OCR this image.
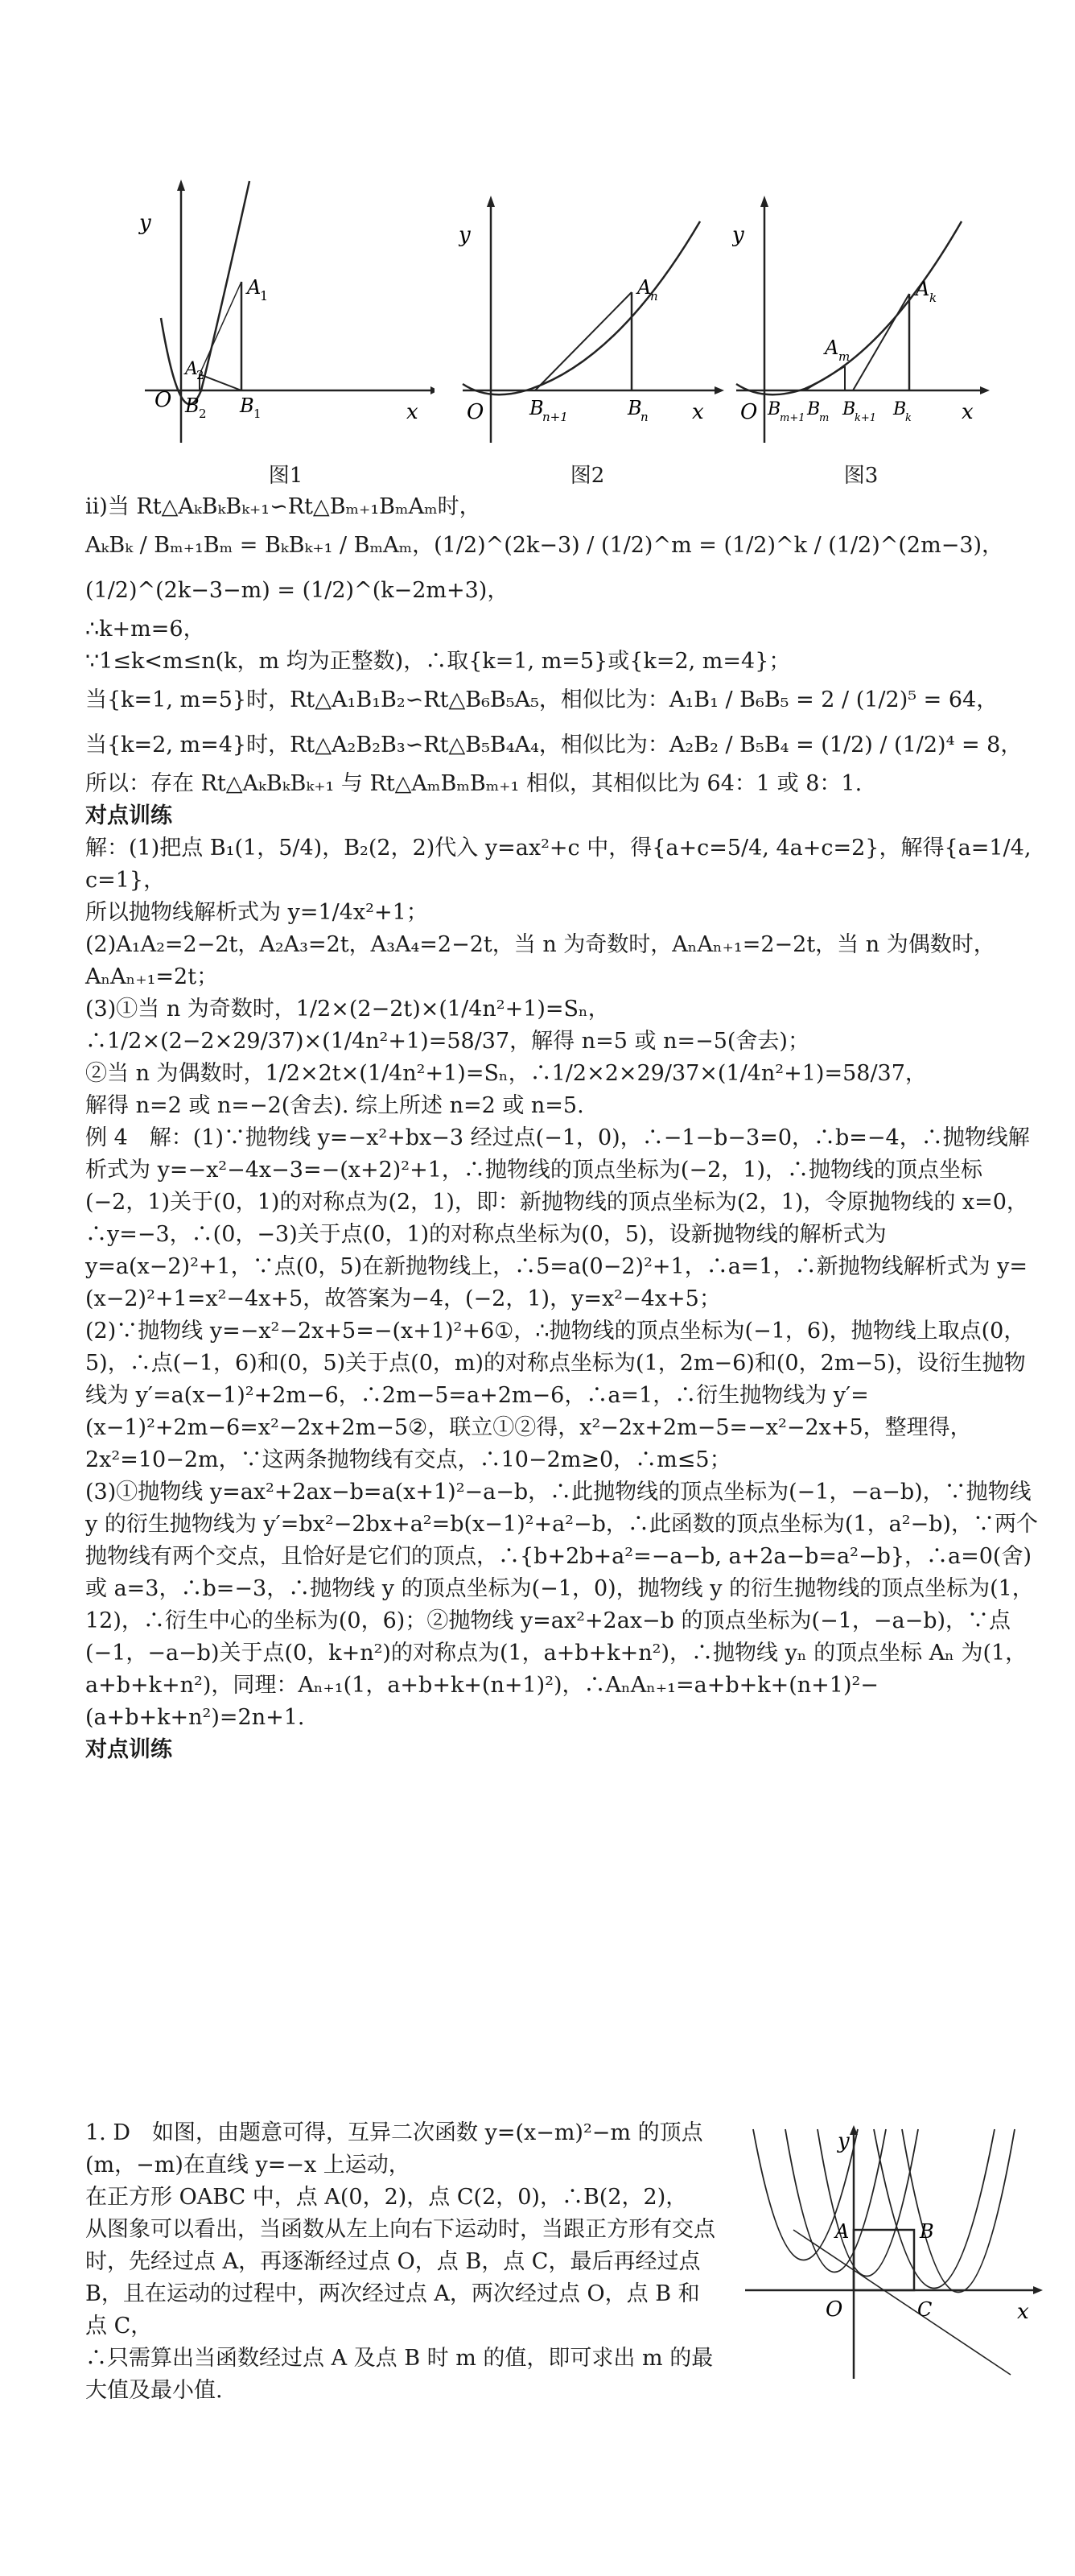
y
x
O
A
1
A
2
B 2 B 1
图1
y
x
O
A
n
B
n+1	B
n
图2
y
x
O
A k
A m
B
m+1 B
m B
k+1 B
k
图3

ii)当 Rt△AₖBₖBₖ₊₁∽Rt△Bₘ₊₁BₘAₘ时，

AₖBₖ / Bₘ₊₁Bₘ = BₖBₖ₊₁ / BₘAₘ，(1/2)^(2k−3) / (1/2)^m = (1/2)^k / (1/2)^(2m−3)，(1/2)^(2k−3−m) = (1/2)^(k−2m+3)，

∴k+m=6，

∵1≤k<m≤n(k，m 均为正整数)，∴取{k=1, m=5}或{k=2, m=4}；

当{k=1, m=5}时，Rt△A₁B₁B₂∽Rt△B₆B₅A₅，相似比为：A₁B₁ / B₆B₅ = 2 / (1/2)⁵ = 64，

当{k=2, m=4}时，Rt△A₂B₂B₃∽Rt△B₅B₄A₄，相似比为：A₂B₂ / B₅B₄ = (1/2) / (1/2)⁴ = 8，

所以：存在 Rt△AₖBₖBₖ₊₁ 与 Rt△AₘBₘBₘ₊₁ 相似，其相似比为 64：1 或 8：1.

对点训练

解：(1)把点 B₁(1，5/4)，B₂(2，2)代入 y=ax²+c 中，得{a+c=5/4, 4a+c=2}，解得{a=1/4, c=1}，

所以抛物线解析式为 y=1/4x²+1；

(2)A₁A₂=2−2t，A₂A₃=2t，A₃A₄=2−2t，当 n 为奇数时，AₙAₙ₊₁=2−2t，当 n 为偶数时，AₙAₙ₊₁=2t；

(3)①当 n 为奇数时，1/2×(2−2t)×(1/4n²+1)=Sₙ，∴1/2×(2−2×29/37)×(1/4n²+1)=58/37，解得 n=5 或 n=−5(舍去)；

②当 n 为偶数时，1/2×2t×(1/4n²+1)=Sₙ，∴1/2×2×29/37×(1/4n²+1)=58/37，

解得 n=2 或 n=−2(舍去). 综上所述 n=2 或 n=5.

例 4　解：(1)∵抛物线 y=−x²+bx−3 经过点(−1，0)，∴−1−b−3=0，∴b=−4，∴抛物线解析式为 y=−x²−4x−3=−(x+2)²+1，∴抛物线的顶点坐标为(−2，1)，∴抛物线的顶点坐标(−2，1)关于(0，1)的对称点为(2，1)，即：新抛物线的顶点坐标为(2，1)，令原抛物线的 x=0，∴y=−3，∴(0，−3)关于点(0，1)的对称点坐标为(0，5)，设新抛物线的解析式为 y=a(x−2)²+1，∵点(0，5)在新抛物线上，∴5=a(0−2)²+1，∴a=1，∴新抛物线解析式为 y=(x−2)²+1=x²−4x+5，故答案为−4，(−2，1)，y=x²−4x+5；

(2)∵抛物线 y=−x²−2x+5=−(x+1)²+6①，∴抛物线的顶点坐标为(−1，6)，抛物线上取点(0，5)，∴点(−1，6)和(0，5)关于点(0，m)的对称点坐标为(1，2m−6)和(0，2m−5)，设衍生抛物线为 y′=a(x−1)²+2m−6，∴2m−5=a+2m−6，∴a=1，∴衍生抛物线为 y′=(x−1)²+2m−6=x²−2x+2m−5②，联立①②得，x²−2x+2m−5=−x²−2x+5，整理得，2x²=10−2m，∵这两条抛物线有交点，∴10−2m≥0，∴m≤5；

(3)①抛物线 y=ax²+2ax−b=a(x+1)²−a−b，∴此抛物线的顶点坐标为(−1，−a−b)，∵抛物线 y 的衍生抛物线为 y′=bx²−2bx+a²=b(x−1)²+a²−b，∴此函数的顶点坐标为(1，a²−b)，∵两个抛物线有两个交点，且恰好是它们的顶点，∴{b+2b+a²=−a−b, a+2a−b=a²−b}，∴a=0(舍)或 a=3，∴b=−3，∴抛物线 y 的顶点坐标为(−1，0)，抛物线 y 的衍生抛物线的顶点坐标为(1，12)，∴衍生中心的坐标为(0，6)；②抛物线 y=ax²+2ax−b 的顶点坐标为(−1，−a−b)，∵点(−1，−a−b)关于点(0，k+n²)的对称点为(1，a+b+k+n²)，∴抛物线 yₙ 的顶点坐标 Aₙ 为(1，a+b+k+n²)，同理：Aₙ₊₁(1，a+b+k+(n+1)²)，∴AₙAₙ₊₁=a+b+k+(n+1)²−(a+b+k+n²)=2n+1.

对点训练

1. D　如图，由题意可得，互异二次函数 y=(x−m)²−m 的顶点(m，−m)在直线 y=−x 上运动，

在正方形 OABC 中，点 A(0，2)，点 C(2，0)，∴B(2，2)，

从图象可以看出，当函数从左上向右下运动时，当跟正方形有交点时，先经过点 A，再逐渐经过点 O，点 B，点 C，最后再经过点 B，且在运动的过程中，两次经过点 A，两次经过点 O，点 B 和点 C，

∴只需算出当函数经过点 A 及点 B 时 m 的值，即可求出 m 的最大值及最小值.

y
x
O
A	B
C
